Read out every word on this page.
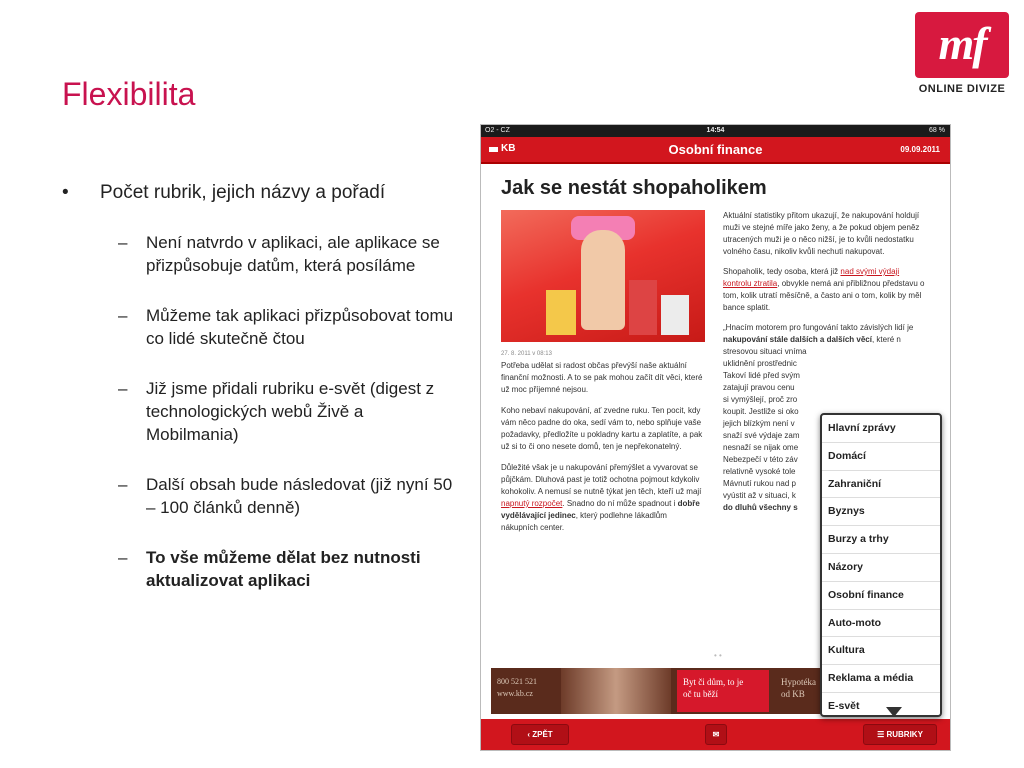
Flexibilita
mf
ONLINE DIVIZE
• Počet rubrik, jejich názvy a pořadí
– Není natvrdo v aplikaci, ale aplikace se přizpůsobuje datům, která posíláme
– Můžeme tak aplikaci přizpůsobovat tomu co lidé skutečně čtou
– Již jsme přidali rubriku e-svět (digest z technologických webů Živě a Mobilmania)
– Další obsah bude následovat (již nyní 50 – 100 článků denně)
– To vše můžeme dělat bez nutnosti aktualizovat aplikaci
O2 - CZ	14:54	68 %
KB	Osobní finance	09.09.2011
Jak se nestát shopaholikem
27. 8. 2011 v 08:13

Potřeba udělat si radost občas převýší naše aktuální finanční možnosti. A to se pak mohou začít dít věci, které už moc příjemné nejsou.

Koho nebaví nakupování, ať zvedne ruku. Ten pocit, kdy vám něco padne do oka, sedí vám to, nebo splňuje vaše požadavky, předložíte u pokladny kartu a zaplatíte, a pak už si to či ono nesete domů, ten je nepřekonatelný.

Důležité však je u nakupování přemýšlet a vyvarovat se půjčkám. Dluhová past je totiž ochotna pojmout kdykoliv kohokoliv. A nemusí se nutně týkat jen těch, kteří už mají napnutý rozpočet. Snadno do ní může spadnout i dobře vydělávající jedinec, který podlehne lákadlům nákupních center.

Aktuální statistiky přitom ukazují, že nakupování holdují muži ve stejné míře jako ženy, a že pokud objem peněz utracených muži je o něco nižší, je to kvůli nedostatku volného času, nikoliv kvůli nechuti nakupovat.

Shopaholik, tedy osoba, která již nad svými výdaji kontrolu ztratila, obvykle nemá ani přibližnou představu o tom, kolik utratí měsíčně, a často ani o tom, kolik by měl bance splatit.

„Hnacím motorem pro fungování takto závislých lidí je nakupování stále dalších a dalších věcí, které n
stresovou situaci vníma
uklidnění prostřednic
Takoví lidé před svým
zatajují pravou cenu
si vymýšlejí, proč zro
koupit. Jestliže si oko
jejich blízkým není v
snaží své výdaje zam
nesnaží se nijak ome
Nebezpečí v této záv
relativně vysoké tole
Mávnutí rukou nad p
vyústit až v situaci, k
do dluhů všechny s

• •
800 521 521
www.kb.cz
Byt či dům, to je
oč tu běží
Hypotéka
od KB
‹ ZPĚT	✉	☰ RUBRIKY
Hlavní zprávy
Domácí
Zahraniční
Byznys
Burzy a trhy
Názory
Osobní finance
Auto-moto
Kultura
Reklama a média
E-svět
